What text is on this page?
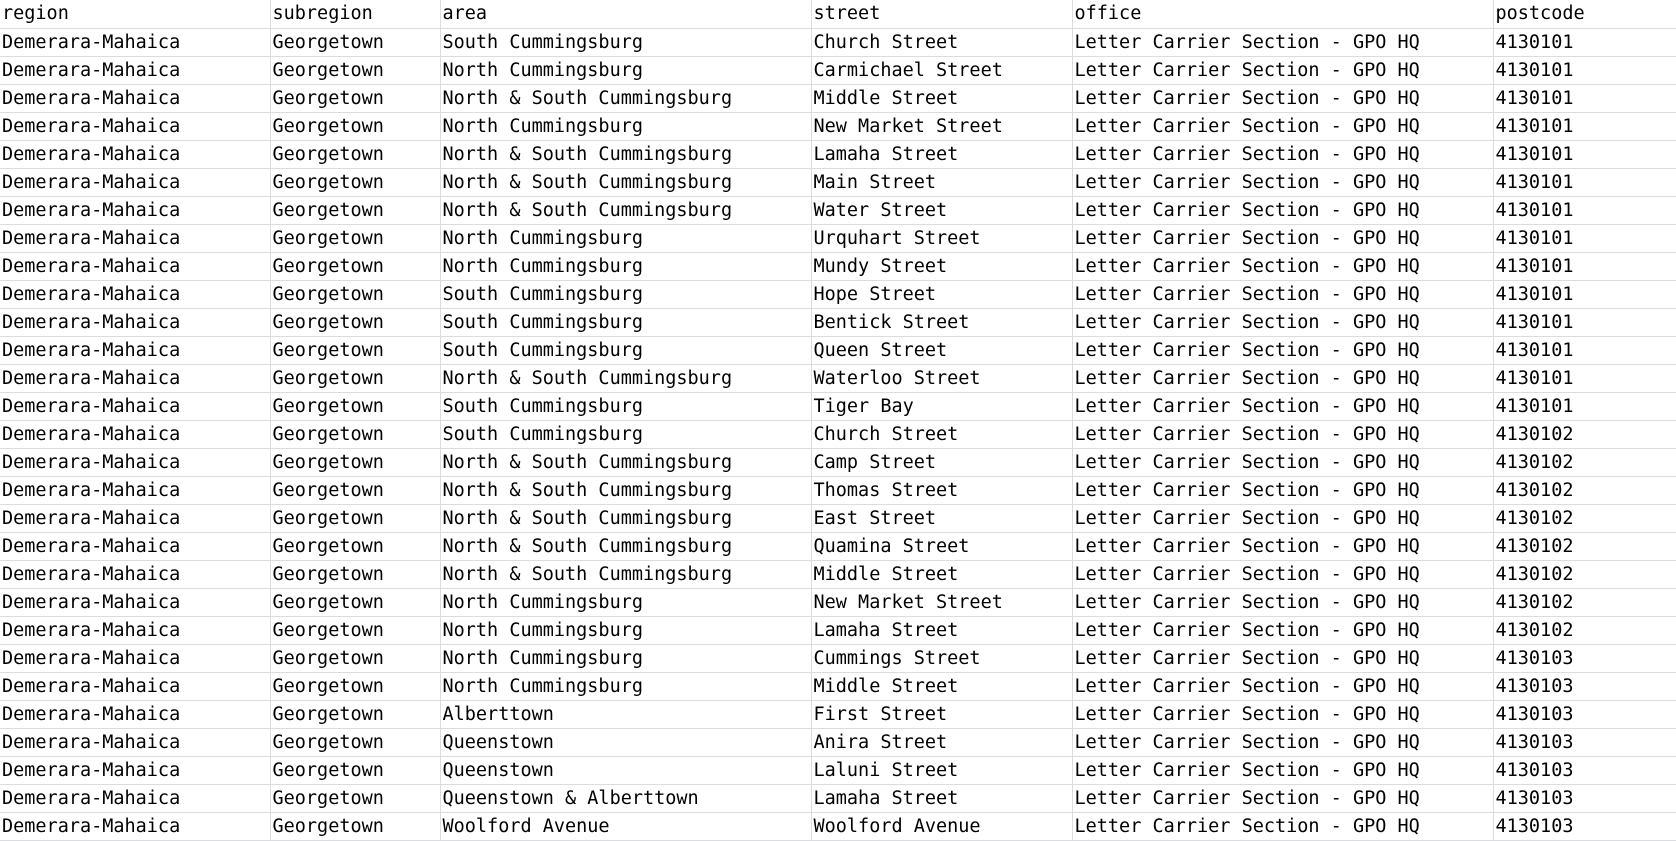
region	subregion	area	street	office	postcode
Demerara-Mahaica	Georgetown	South Cummingsburg	Church Street	Letter Carrier Section - GPO HQ	4130101
Demerara-Mahaica	Georgetown	North Cummingsburg	Carmichael Street	Letter Carrier Section - GPO HQ	4130101
Demerara-Mahaica	Georgetown	North & South Cummingsburg	Middle Street	Letter Carrier Section - GPO HQ	4130101
Demerara-Mahaica	Georgetown	North Cummingsburg	New Market Street	Letter Carrier Section - GPO HQ	4130101
Demerara-Mahaica	Georgetown	North & South Cummingsburg	Lamaha Street	Letter Carrier Section - GPO HQ	4130101
Demerara-Mahaica	Georgetown	North & South Cummingsburg	Main Street	Letter Carrier Section - GPO HQ	4130101
Demerara-Mahaica	Georgetown	North & South Cummingsburg	Water Street	Letter Carrier Section - GPO HQ	4130101
Demerara-Mahaica	Georgetown	North Cummingsburg	Urquhart Street	Letter Carrier Section - GPO HQ	4130101
Demerara-Mahaica	Georgetown	North Cummingsburg	Mundy Street	Letter Carrier Section - GPO HQ	4130101
Demerara-Mahaica	Georgetown	South Cummingsburg	Hope Street	Letter Carrier Section - GPO HQ	4130101
Demerara-Mahaica	Georgetown	South Cummingsburg	Bentick Street	Letter Carrier Section - GPO HQ	4130101
Demerara-Mahaica	Georgetown	South Cummingsburg	Queen Street	Letter Carrier Section - GPO HQ	4130101
Demerara-Mahaica	Georgetown	North & South Cummingsburg	Waterloo Street	Letter Carrier Section - GPO HQ	4130101
Demerara-Mahaica	Georgetown	South Cummingsburg	Tiger Bay	Letter Carrier Section - GPO HQ	4130101
Demerara-Mahaica	Georgetown	South Cummingsburg	Church Street	Letter Carrier Section - GPO HQ	4130102
Demerara-Mahaica	Georgetown	North & South Cummingsburg	Camp Street	Letter Carrier Section - GPO HQ	4130102
Demerara-Mahaica	Georgetown	North & South Cummingsburg	Thomas Street	Letter Carrier Section - GPO HQ	4130102
Demerara-Mahaica	Georgetown	North & South Cummingsburg	East Street	Letter Carrier Section - GPO HQ	4130102
Demerara-Mahaica	Georgetown	North & South Cummingsburg	Quamina Street	Letter Carrier Section - GPO HQ	4130102
Demerara-Mahaica	Georgetown	North & South Cummingsburg	Middle Street	Letter Carrier Section - GPO HQ	4130102
Demerara-Mahaica	Georgetown	North Cummingsburg	New Market Street	Letter Carrier Section - GPO HQ	4130102
Demerara-Mahaica	Georgetown	North Cummingsburg	Lamaha Street	Letter Carrier Section - GPO HQ	4130102
Demerara-Mahaica	Georgetown	North Cummingsburg	Cummings Street	Letter Carrier Section - GPO HQ	4130103
Demerara-Mahaica	Georgetown	North Cummingsburg	Middle Street	Letter Carrier Section - GPO HQ	4130103
Demerara-Mahaica	Georgetown	Alberttown	First Street	Letter Carrier Section - GPO HQ	4130103
Demerara-Mahaica	Georgetown	Queenstown	Anira Street	Letter Carrier Section - GPO HQ	4130103
Demerara-Mahaica	Georgetown	Queenstown	Laluni Street	Letter Carrier Section - GPO HQ	4130103
Demerara-Mahaica	Georgetown	Queenstown & Alberttown	Lamaha Street	Letter Carrier Section - GPO HQ	4130103
Demerara-Mahaica	Georgetown	Woolford Avenue	Woolford Avenue	Letter Carrier Section - GPO HQ	4130103
